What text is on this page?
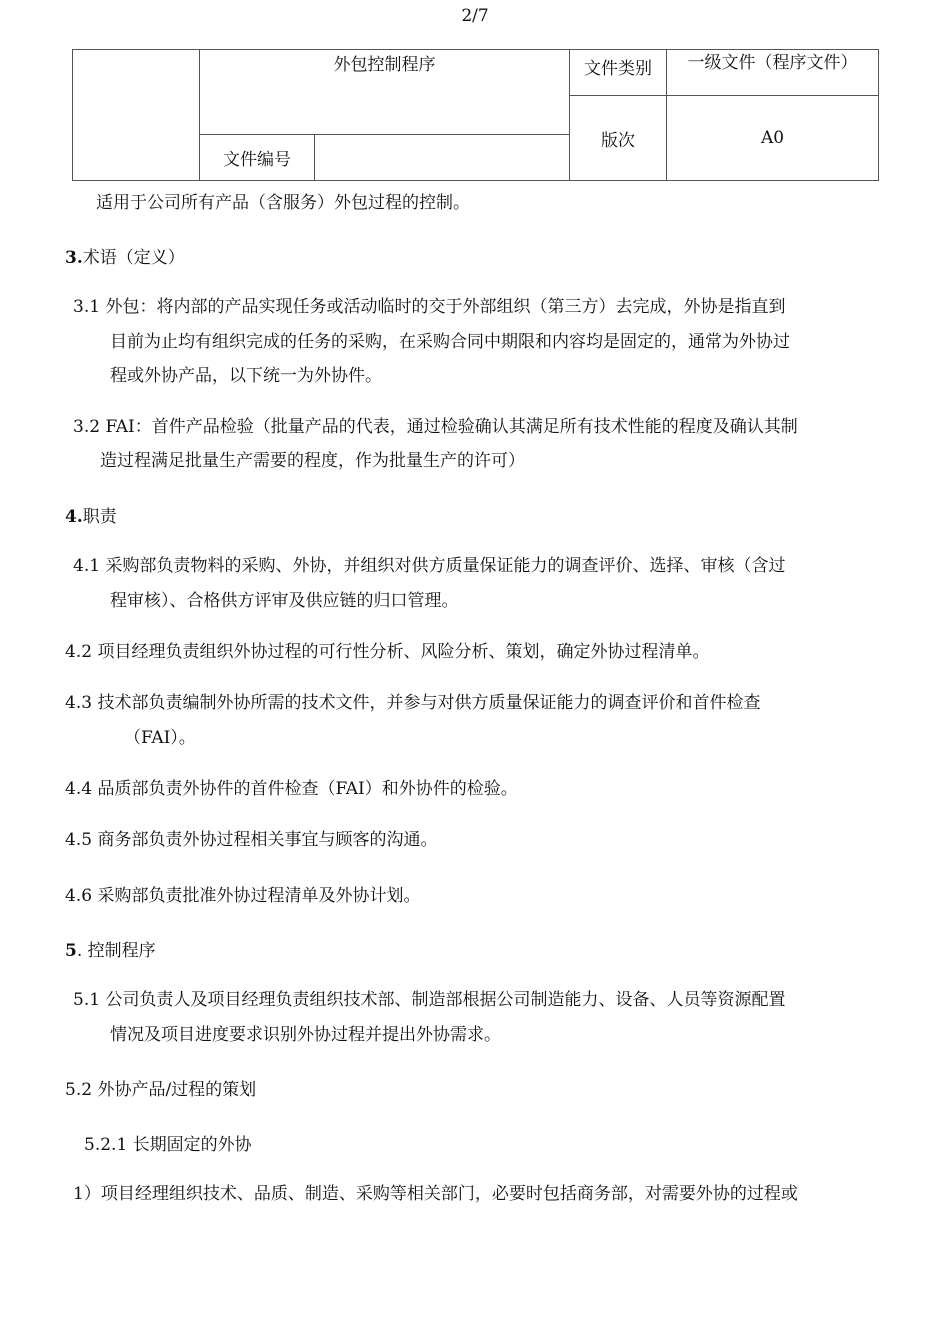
2/7
	外包控制程序		文件类别	一级文件（程序文件）
			版次	A0
	文件编号			
适用于公司所有产品（含服务）外包过程的控制。
3.术语（定义）
3.1 外包：将内部的产品实现任务或活动临时的交于外部组织（第三方）去完成，外协是指直到
目前为止均有组织完成的任务的采购，在采购合同中期限和内容均是固定的，通常为外协过
程或外协产品，以下统一为外协件。
3.2 FAI：首件产品检验（批量产品的代表，通过检验确认其满足所有技术性能的程度及确认其制
造过程满足批量生产需要的程度，作为批量生产的许可）
4.职责
4.1 采购部负责物料的采购、外协，并组织对供方质量保证能力的调查评价、选择、审核（含过
程审核）、合格供方评审及供应链的归口管理。
4.2 项目经理负责组织外协过程的可行性分析、风险分析、策划，确定外协过程清单。
4.3 技术部负责编制外协所需的技术文件，并参与对供方质量保证能力的调查评价和首件检查
（FAI）。
4.4 品质部负责外协件的首件检查（FAI）和外协件的检验。
4.5 商务部负责外协过程相关事宜与顾客的沟通。
4.6 采购部负责批准外协过程清单及外协计划。
5. 控制程序
5.1 公司负责人及项目经理负责组织技术部、制造部根据公司制造能力、设备、人员等资源配置
情况及项目进度要求识别外协过程并提出外协需求。
5.2 外协产品/过程的策划
5.2.1 长期固定的外协
1）项目经理组织技术、品质、制造、采购等相关部门，必要时包括商务部，对需要外协的过程或
